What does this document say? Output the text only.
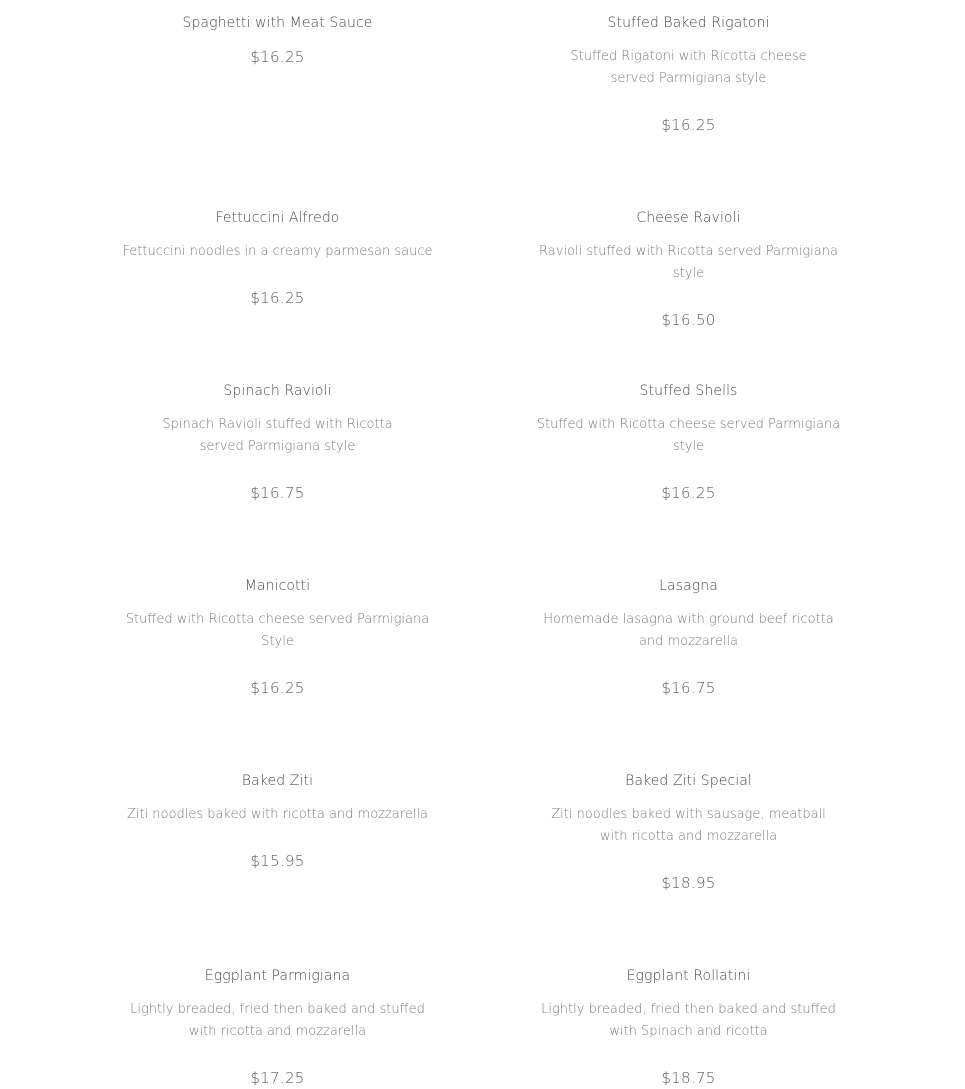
Spaghetti with Meat Sauce

$16.25

Stuffed Baked Rigatoni

Stuffed Rigatoni with Ricotta cheese served Parmigiana style

$16.25

Fettuccini Alfredo

Fettuccini noodles in a creamy parmesan sauce

$16.25

Cheese Ravioli

Ravioli stuffed with Ricotta served Parmigiana style

$16.50

Spinach Ravioli

Spinach Ravioli stuffed with Ricotta served Parmigiana style

$16.75

Stuffed Shells

Stuffed with Ricotta cheese served Parmigiana style

$16.25

Manicotti

Stuffed with Ricotta cheese served Parmigiana Style

$16.25

Lasagna

Homemade lasagna with ground beef ricotta and mozzarella

$16.75

Baked Ziti

Ziti noodles baked with ricotta and mozzarella

$15.95

Baked Ziti Special

Ziti noodles baked with sausage, meatball with ricotta and mozzarella

$18.95

Eggplant Parmigiana

Lightly breaded, fried then baked and stuffed with ricotta and mozzarella

$17.25

Eggplant Rollatini

Lightly breaded, fried then baked and stuffed with Spinach and ricotta

$18.75
